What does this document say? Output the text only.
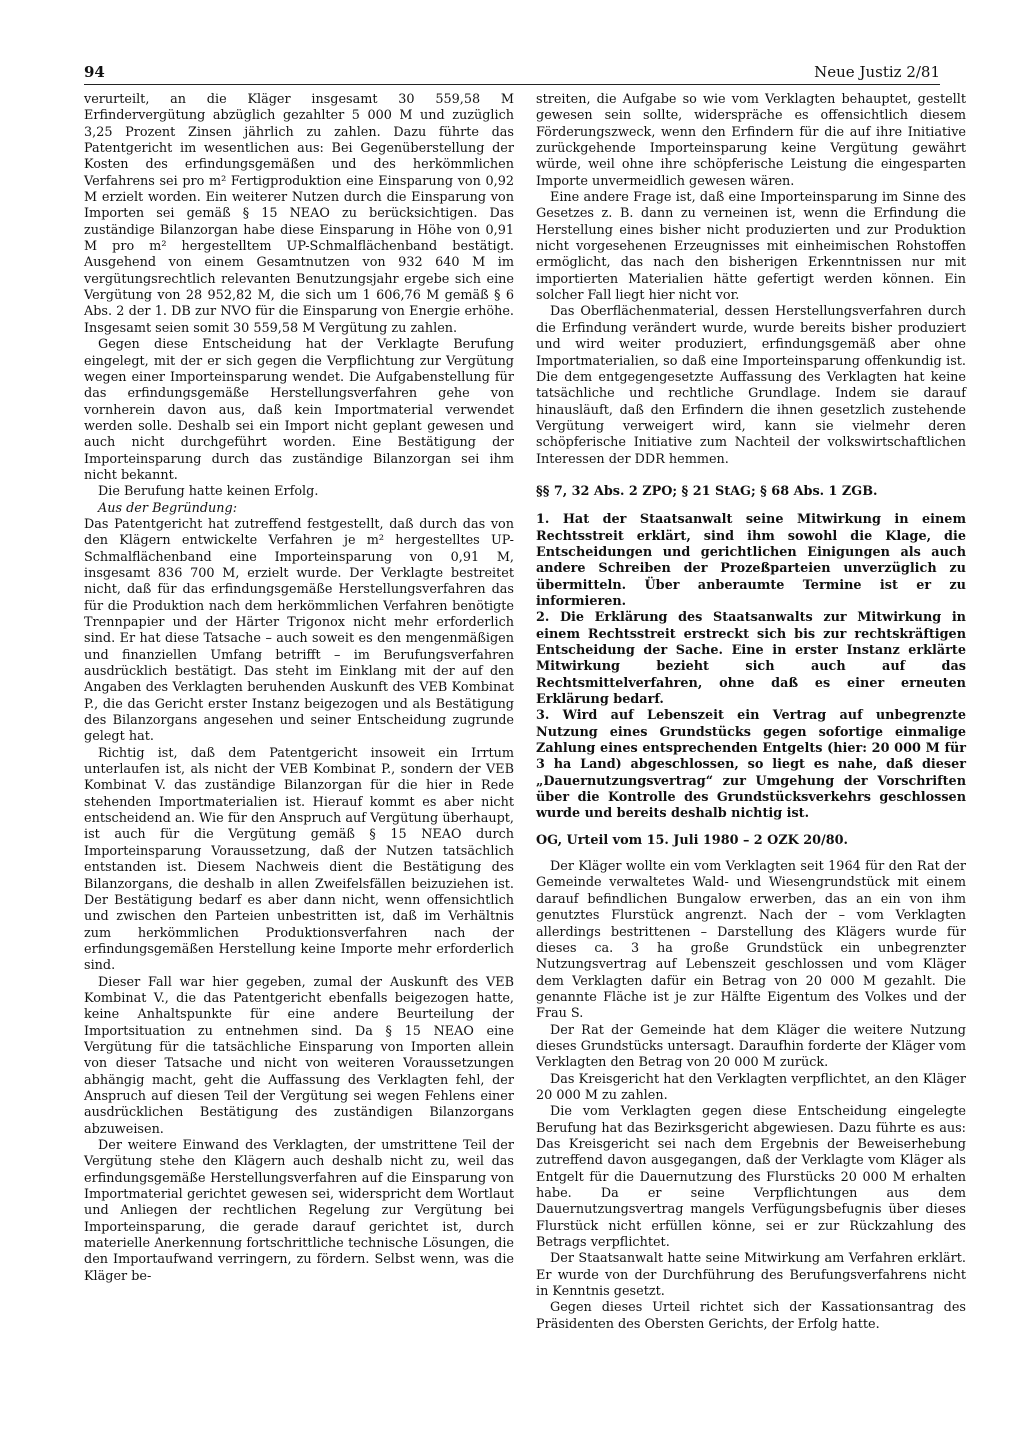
94	Neue Justiz 2/81

verurteilt, an die Kläger insgesamt 30 559,58 M Erfindervergütung abzüglich gezahlter 5 000 M und zuzüglich 3,25 Prozent Zinsen jährlich zu zahlen. Dazu führte das Patentgericht im wesentlichen aus: Bei Gegenüberstellung der Kosten des erfindungsgemäßen und des herkömmlichen Verfahrens sei pro m² Fertigproduktion eine Einsparung von 0,92 M erzielt worden. Ein weiterer Nutzen durch die Einsparung von Importen sei gemäß § 15 NEAO zu berücksichtigen. Das zuständige Bilanzorgan habe diese Einsparung in Höhe von 0,91 M pro m² hergestelltem UP-Schmalflächenband bestätigt. Ausgehend von einem Gesamtnutzen von 932 640 M im vergütungsrechtlich relevanten Benutzungsjahr ergebe sich eine Vergütung von 28 952,82 M, die sich um 1 606,76 M gemäß § 6 Abs. 2 der 1. DB zur NVO für die Einsparung von Energie erhöhe. Insgesamt seien somit 30 559,58 M Vergütung zu zahlen.

Gegen diese Entscheidung hat der Verklagte Berufung eingelegt, mit der er sich gegen die Verpflichtung zur Vergütung wegen einer Importeinsparung wendet. Die Aufgabenstellung für das erfindungsgemäße Herstellungsverfahren gehe von vornherein davon aus, daß kein Importmaterial verwendet werden solle. Deshalb sei ein Import nicht geplant gewesen und auch nicht durchgeführt worden. Eine Bestätigung der Importeinsparung durch das zuständige Bilanzorgan sei ihm nicht bekannt.

Die Berufung hatte keinen Erfolg.

Aus der Begründung:

Das Patentgericht hat zutreffend festgestellt, daß durch das von den Klägern entwickelte Verfahren je m² hergestelltes UP-Schmalflächenband eine Importeinsparung von 0,91 M, insgesamt 836 700 M, erzielt wurde. Der Verklagte bestreitet nicht, daß für das erfindungsgemäße Herstellungsverfahren das für die Produktion nach dem herkömmlichen Verfahren benötigte Trennpapier und der Härter Trigonox nicht mehr erforderlich sind. Er hat diese Tatsache – auch soweit es den mengenmäßigen und finanziellen Umfang betrifft – im Berufungsverfahren ausdrücklich bestätigt. Das steht im Einklang mit der auf den Angaben des Verklagten beruhenden Auskunft des VEB Kombinat P., die das Gericht erster Instanz beigezogen und als Bestätigung des Bilanzorgans angesehen und seiner Entscheidung zugrunde gelegt hat.

Richtig ist, daß dem Patentgericht insoweit ein Irrtum unterlaufen ist, als nicht der VEB Kombinat P., sondern der VEB Kombinat V. das zuständige Bilanzorgan für die hier in Rede stehenden Importmaterialien ist. Hierauf kommt es aber nicht entscheidend an. Wie für den Anspruch auf Vergütung überhaupt, ist auch für die Vergütung gemäß § 15 NEAO durch Importeinsparung Voraussetzung, daß der Nutzen tatsächlich entstanden ist. Diesem Nachweis dient die Bestätigung des Bilanzorgans, die deshalb in allen Zweifelsfällen beizuziehen ist. Der Bestätigung bedarf es aber dann nicht, wenn offensichtlich und zwischen den Parteien unbestritten ist, daß im Verhältnis zum herkömmlichen Produktionsverfahren nach der erfindungsgemäßen Herstellung keine Importe mehr erforderlich sind.

Dieser Fall war hier gegeben, zumal der Auskunft des VEB Kombinat V., die das Patentgericht ebenfalls beigezogen hatte, keine Anhaltspunkte für eine andere Beurteilung der Importsituation zu entnehmen sind. Da § 15 NEAO eine Vergütung für die tatsächliche Einsparung von Importen allein von dieser Tatsache und nicht von weiteren Voraussetzungen abhängig macht, geht die Auffassung des Verklagten fehl, der Anspruch auf diesen Teil der Vergütung sei wegen Fehlens einer ausdrücklichen Bestätigung des zuständigen Bilanzorgans abzuweisen.

Der weitere Einwand des Verklagten, der umstrittene Teil der Vergütung stehe den Klägern auch deshalb nicht zu, weil das erfindungsgemäße Herstellungsverfahren auf die Einsparung von Importmaterial gerichtet gewesen sei, widerspricht dem Wortlaut und Anliegen der rechtlichen Regelung zur Vergütung bei Importeinsparung, die gerade darauf gerichtet ist, durch materielle Anerkennung fortschrittliche technische Lösungen, die den Importaufwand verringern, zu fördern. Selbst wenn, was die Kläger be-

streiten, die Aufgabe so wie vom Verklagten behauptet, gestellt gewesen sein sollte, widerspräche es offensichtlich diesem Förderungszweck, wenn den Erfindern für die auf ihre Initiative zurückgehende Importeinsparung keine Vergütung gewährt würde, weil ohne ihre schöpferische Leistung die eingesparten Importe unvermeidlich gewesen wären.

Eine andere Frage ist, daß eine Importeinsparung im Sinne des Gesetzes z. B. dann zu verneinen ist, wenn die Erfindung die Herstellung eines bisher nicht produzierten und zur Produktion nicht vorgesehenen Erzeugnisses mit einheimischen Rohstoffen ermöglicht, das nach den bisherigen Erkenntnissen nur mit importierten Materialien hätte gefertigt werden können. Ein solcher Fall liegt hier nicht vor.

Das Oberflächenmaterial, dessen Herstellungsverfahren durch die Erfindung verändert wurde, wurde bereits bisher produziert und wird weiter produziert, erfindungsgemäß aber ohne Importmaterialien, so daß eine Importeinsparung offenkundig ist. Die dem entgegengesetzte Auffassung des Verklagten hat keine tatsächliche und rechtliche Grundlage. Indem sie darauf hinausläuft, daß den Erfindern die ihnen gesetzlich zustehende Vergütung verweigert wird, kann sie vielmehr deren schöpferische Initiative zum Nachteil der volkswirtschaftlichen Interessen der DDR hemmen.

§§ 7, 32 Abs. 2 ZPO; § 21 StAG; § 68 Abs. 1 ZGB.

1. Hat der Staatsanwalt seine Mitwirkung in einem Rechtsstreit erklärt, sind ihm sowohl die Klage, die Entscheidungen und gerichtlichen Einigungen als auch andere Schreiben der Prozeßparteien unverzüglich zu übermitteln. Über anberaumte Termine ist er zu informieren.

2. Die Erklärung des Staatsanwalts zur Mitwirkung in einem Rechtsstreit erstreckt sich bis zur rechtskräftigen Entscheidung der Sache. Eine in erster Instanz erklärte Mitwirkung bezieht sich auch auf das Rechtsmittelverfahren, ohne daß es einer erneuten Erklärung bedarf.

3. Wird auf Lebenszeit ein Vertrag auf unbegrenzte Nutzung eines Grundstücks gegen sofortige einmalige Zahlung eines entsprechenden Entgelts (hier: 20 000 M für 3 ha Land) abgeschlossen, so liegt es nahe, daß dieser „Dauernutzungsvertrag“ zur Umgehung der Vorschriften über die Kontrolle des Grundstücksverkehrs geschlossen wurde und bereits deshalb nichtig ist.

OG, Urteil vom 15. Juli 1980 – 2 OZK 20/80.

Der Kläger wollte ein vom Verklagten seit 1964 für den Rat der Gemeinde verwaltetes Wald- und Wiesengrundstück mit einem darauf befindlichen Bungalow erwerben, das an ein von ihm genutztes Flurstück angrenzt. Nach der – vom Verklagten allerdings bestrittenen – Darstellung des Klägers wurde für dieses ca. 3 ha große Grundstück ein unbegrenzter Nutzungsvertrag auf Lebenszeit geschlossen und vom Kläger dem Verklagten dafür ein Betrag von 20 000 M gezahlt. Die genannte Fläche ist je zur Hälfte Eigentum des Volkes und der Frau S.

Der Rat der Gemeinde hat dem Kläger die weitere Nutzung dieses Grundstücks untersagt. Daraufhin forderte der Kläger vom Verklagten den Betrag von 20 000 M zurück.

Das Kreisgericht hat den Verklagten verpflichtet, an den Kläger 20 000 M zu zahlen.

Die vom Verklagten gegen diese Entscheidung eingelegte Berufung hat das Bezirksgericht abgewiesen. Dazu führte es aus: Das Kreisgericht sei nach dem Ergebnis der Beweiserhebung zutreffend davon ausgegangen, daß der Verklagte vom Kläger als Entgelt für die Dauernutzung des Flurstücks 20 000 M erhalten habe. Da er seine Verpflichtungen aus dem Dauernutzungsvertrag mangels Verfügungsbefugnis über dieses Flurstück nicht erfüllen könne, sei er zur Rückzahlung des Betrags verpflichtet.

Der Staatsanwalt hatte seine Mitwirkung am Verfahren erklärt. Er wurde von der Durchführung des Berufungsverfahrens nicht in Kenntnis gesetzt.

Gegen dieses Urteil richtet sich der Kassationsantrag des Präsidenten des Obersten Gerichts, der Erfolg hatte.
